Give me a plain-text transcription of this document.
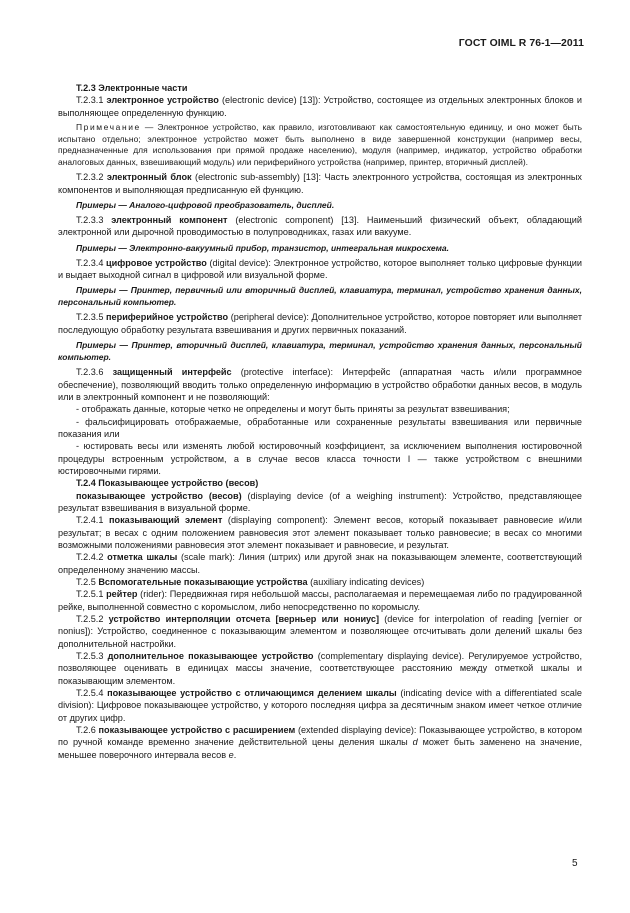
ГОСТ OIML R 76-1—2011

Т.2.3 Электронные части

Т.2.3.1 электронное устройство (electronic device) [13]): Устройство, состоящее из отдельных электронных блоков и выполняющее определенную функцию.

Примечание — Электронное устройство, как правило, изготовливают как самостоятельную единицу, и оно может быть испытано отдельно; электронное устройство может быть выполнено в виде завершенной конструкции (например весы, предназначенные для использования при прямой продаже населению), модуля (например, индикатор, устройство обработки аналоговых данных, взвешивающий модуль) или периферийного устройства (например, принтер, вторичный дисплей).

Т.2.3.2 электронный блок (electronic sub-assembly) [13]: Часть электронного устройства, состоящая из электронных компонентов и выполняющая предписанную ей функцию.

Примеры — Аналого-цифровой преобразователь, дисплей.

Т.2.3.3 электронный компонент (electronic component) [13]. Наименьший физический объект, обладающий электронной или дырочной проводимостью в полупроводниках, газах или вакууме.

Примеры — Электронно-вакуумный прибор, транзистор, интегральная микросхема.

Т.2.3.4 цифровое устройство (digital device): Электронное устройство, которое выполняет только цифровые функции и выдает выходной сигнал в цифровой или визуальной форме.

Примеры — Принтер, первичный или вторичный дисплей, клавиатура, терминал, устройство хранения данных, персональный компьютер.

Т.2.3.5 периферийное устройство (peripheral device): Дополнительное устройство, которое повторяет или выполняет последующую обработку результата взвешивания и других первичных показаний.

Примеры — Принтер, вторичный дисплей, клавиатура, терминал, устройство хранения данных, персональный компьютер.

Т.2.3.6 защищенный интерфейс (protective interface): Интерфейс (аппаратная часть и/или программное обеспечение), позволяющий вводить только определенную информацию в устройство обработки данных весов, в модуль или в электронный компонент и не позволяющий:

- отображать данные, которые четко не определены и могут быть приняты за результат взвешивания;

- фальсифицировать отображаемые, обработанные или сохраненные результаты взвешивания или первичные показания или

- юстировать весы или изменять любой юстировочный коэффициент, за исключением выполнения юстировочной процедуры встроенным устройством, а в случае весов класса точности I — также устройством с внешними юстировочными гирями.

Т.2.4 Показывающее устройство (весов)

показывающее устройство (весов) (displaying device (of a weighing instrument): Устройство, представляющее результат взвешивания в визуальной форме.

Т.2.4.1 показывающий элемент (displaying component): Элемент весов, который показывает равновесие и/или результат; в весах с одним положением равновесия этот элемент показывает только равновесие; в весах со многими возможными положениями равновесия этот элемент показывает и равновесие, и результат.

Т.2.4.2 отметка шкалы (scale mark): Линия (штрих) или другой знак на показывающем элементе, соответствующий определенному значению массы.

Т.2.5 Вспомогательные показывающие устройства (auxiliary indicating devices)

Т.2.5.1 рейтер (rider): Передвижная гиря небольшой массы, располагаемая и перемещаемая либо по градуированной рейке, выполненной совместно с коромыслом, либо непосредственно по коромыслу.

Т.2.5.2 устройство интерполяции отсчета [верньер или нониус] (device for interpolation of reading [vernier or nonius]): Устройство, соединенное с показывающим элементом и позволяющее отсчитывать доли делений шкалы без дополнительной настройки.

Т.2.5.3 дополнительное показывающее устройство (complementary displaying device). Регулируемое устройство, позволяющее оценивать в единицах массы значение, соответствующее расстоянию между отметкой шкалы и показывающим элементом.

Т.2.5.4 показывающее устройство с отличающимся делением шкалы (indicating device with a differentiated scale division): Цифровое показывающее устройство, у которого последняя цифра за десятичным знаком имеет четкое отличие от других цифр.

Т.2.6 показывающее устройство с расширением (extended displaying device): Показывающее устройство, в котором по ручной команде временно значение действительной цены деления шкалы d может быть заменено на значение, меньшее поверочного интервала весов е.

5
